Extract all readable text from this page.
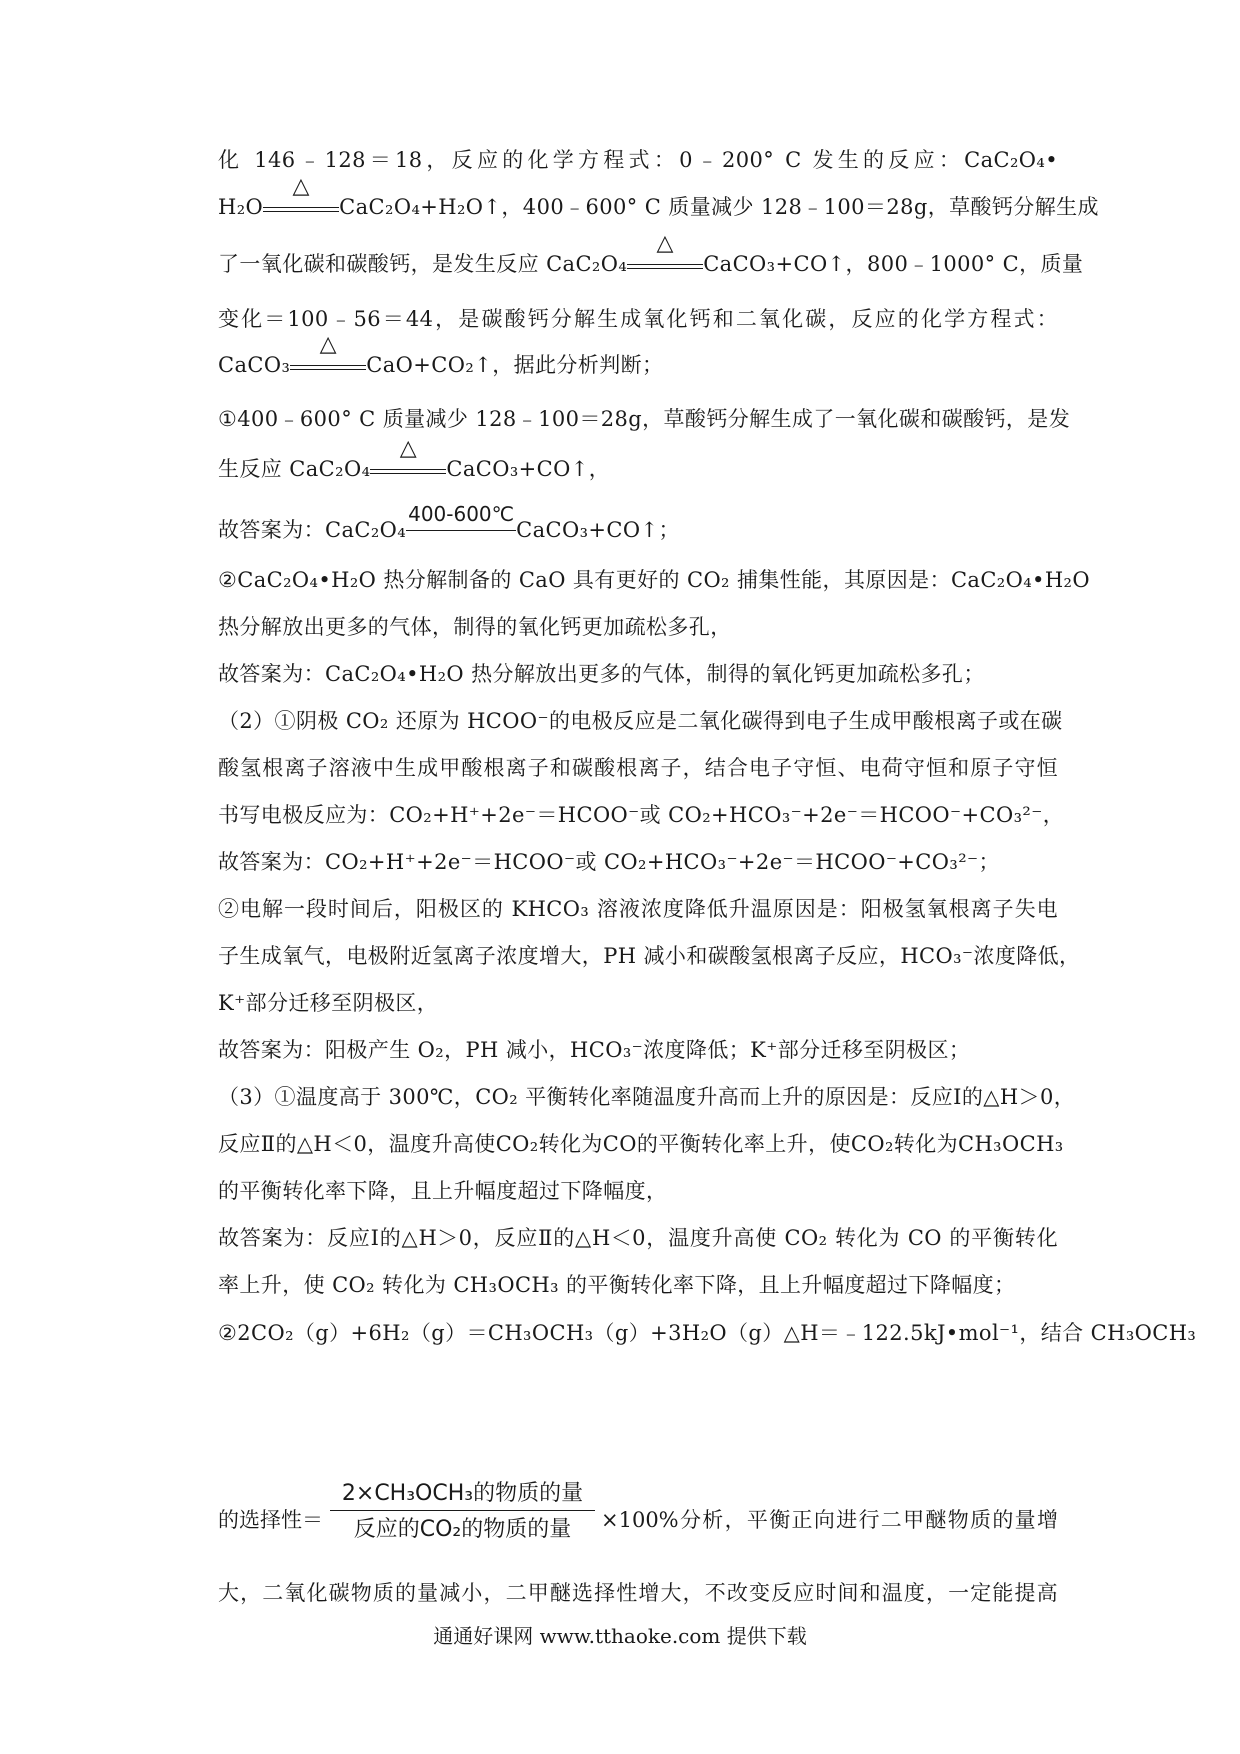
化 146﹣128＝18，反应的化学方程式：0﹣200° C 发生的反应：CaC₂O₄•
H₂O
△
CaC₂O₄+H₂O↑，400﹣600° C 质量减少 128﹣100＝28g，草酸钙分解生成
了一氧化碳和碳酸钙，是发生反应 CaC₂O₄
△
CaCO₃+CO↑，800﹣1000° C，质量
变化＝100﹣56＝44，是碳酸钙分解生成氧化钙和二氧化碳，反应的化学方程式：
CaCO₃
△
CaO+CO₂↑，据此分析判断；
①400﹣600° C 质量减少 128﹣100＝28g，草酸钙分解生成了一氧化碳和碳酸钙，是发
生反应 CaC₂O₄
△
CaCO₃+CO↑，
故答案为：CaC₂O₄
400-600℃
CaCO₃+CO↑；
②CaC₂O₄•H₂O 热分解制备的 CaO 具有更好的 CO₂ 捕集性能，其原因是：CaC₂O₄•H₂O
热分解放出更多的气体，制得的氧化钙更加疏松多孔，
故答案为：CaC₂O₄•H₂O 热分解放出更多的气体，制得的氧化钙更加疏松多孔；
（2）①阴极 CO₂ 还原为 HCOO⁻的电极反应是二氧化碳得到电子生成甲酸根离子或在碳
酸氢根离子溶液中生成甲酸根离子和碳酸根离子，结合电子守恒、电荷守恒和原子守恒
书写电极反应为：CO₂+H⁺+2e⁻＝HCOO⁻或 CO₂+HCO₃⁻+2e⁻＝HCOO⁻+CO₃²⁻，
故答案为：CO₂+H⁺+2e⁻＝HCOO⁻或 CO₂+HCO₃⁻+2e⁻＝HCOO⁻+CO₃²⁻；
②电解一段时间后，阳极区的 KHCO₃ 溶液浓度降低升温原因是：阳极氢氧根离子失电
子生成氧气，电极附近氢离子浓度增大，PH 减小和碳酸氢根离子反应，HCO₃⁻浓度降低，
K⁺部分迁移至阴极区，
故答案为：阳极产生 O₂，PH 减小，HCO₃⁻浓度降低；K⁺部分迁移至阴极区；
（3）①温度高于 300℃，CO₂ 平衡转化率随温度升高而上升的原因是：反应Ⅰ的△H＞0，
反应Ⅱ的△H＜0，温度升高使CO₂转化为CO的平衡转化率上升，使CO₂转化为CH₃OCH₃
的平衡转化率下降，且上升幅度超过下降幅度，
故答案为：反应Ⅰ的△H＞0，反应Ⅱ的△H＜0，温度升高使 CO₂ 转化为 CO 的平衡转化
率上升，使 CO₂ 转化为 CH₃OCH₃ 的平衡转化率下降，且上升幅度超过下降幅度；
②2CO₂（g）+6H₂（g）＝CH₃OCH₃（g）+3H₂O（g）△H＝﹣122.5kJ•mol⁻¹，结合 CH₃OCH₃
的选择性＝
2×CH₃OCH₃的物质的量
反应的CO₂的物质的量	×100%分析，平衡正向进行二甲醚物质的量增
大，二氧化碳物质的量减小，二甲醚选择性增大，不改变反应时间和温度，一定能提高
通通好课网 www.tthaoke.com 提供下载
